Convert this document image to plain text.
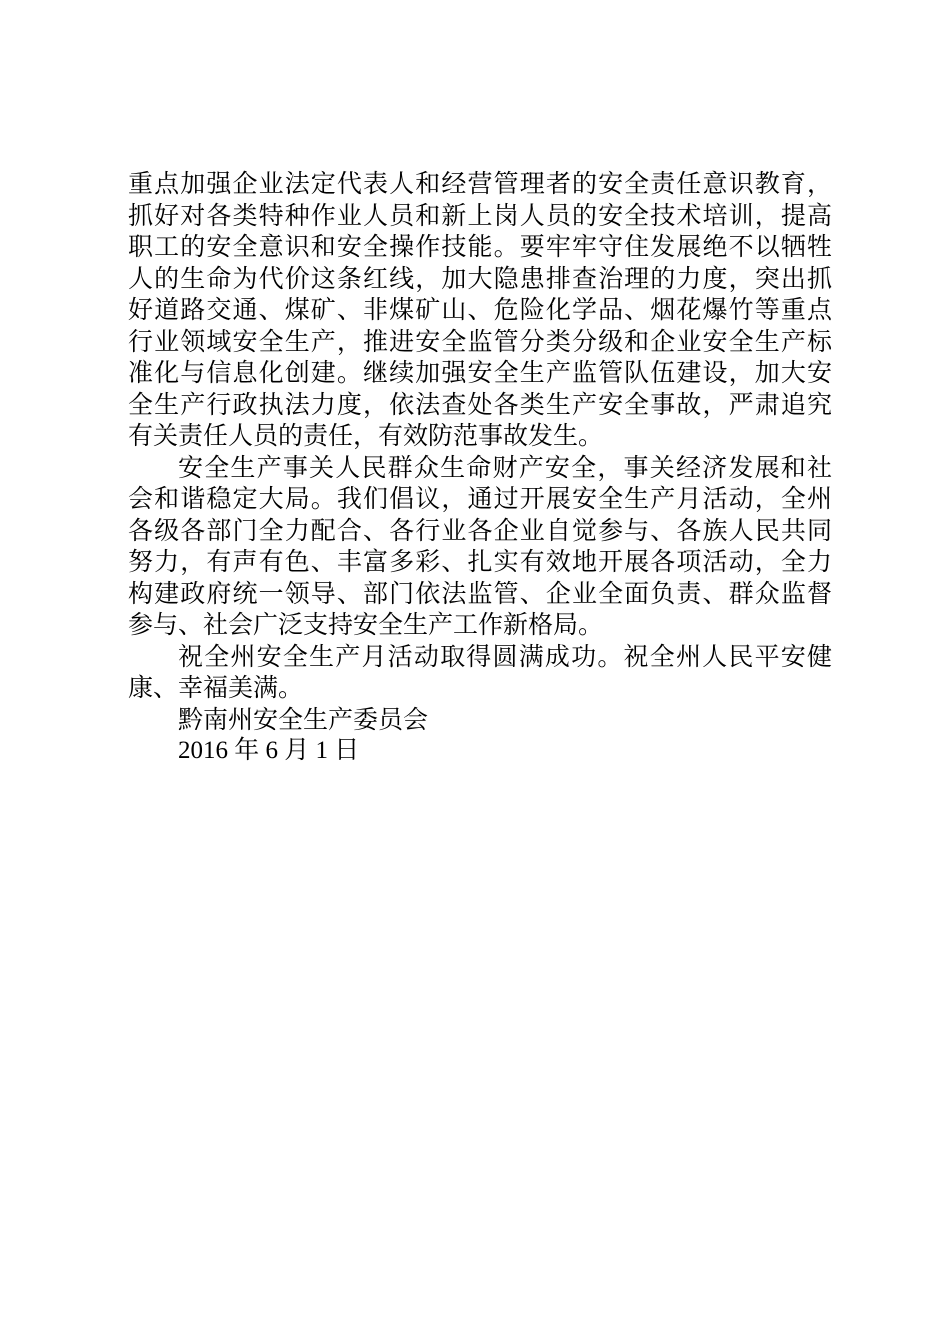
重点加强企业法定代表人和经营管理者的安全责任意识教育，
抓好对各类特种作业人员和新上岗人员的安全技术培训，提高
职工的安全意识和安全操作技能。要牢牢守住发展绝不以牺牲
人的生命为代价这条红线，加大隐患排查治理的力度，突出抓
好道路交通、煤矿、非煤矿山、危险化学品、烟花爆竹等重点
行业领域安全生产，推进安全监管分类分级和企业安全生产标
准化与信息化创建。继续加强安全生产监管队伍建设，加大安
全生产行政执法力度，依法查处各类生产安全事故，严肃追究
有关责任人员的责任，有效防范事故发生。
安全生产事关人民群众生命财产安全，事关经济发展和社
会和谐稳定大局。我们倡议，通过开展安全生产月活动，全州
各级各部门全力配合、各行业各企业自觉参与、各族人民共同
努力，有声有色、丰富多彩、扎实有效地开展各项活动，全力
构建政府统一领导、部门依法监管、企业全面负责、群众监督
参与、社会广泛支持安全生产工作新格局。
祝全州安全生产月活动取得圆满成功。祝全州人民平安健
康、幸福美满。
黔南州安全生产委员会
2016 年 6 月 1 日
